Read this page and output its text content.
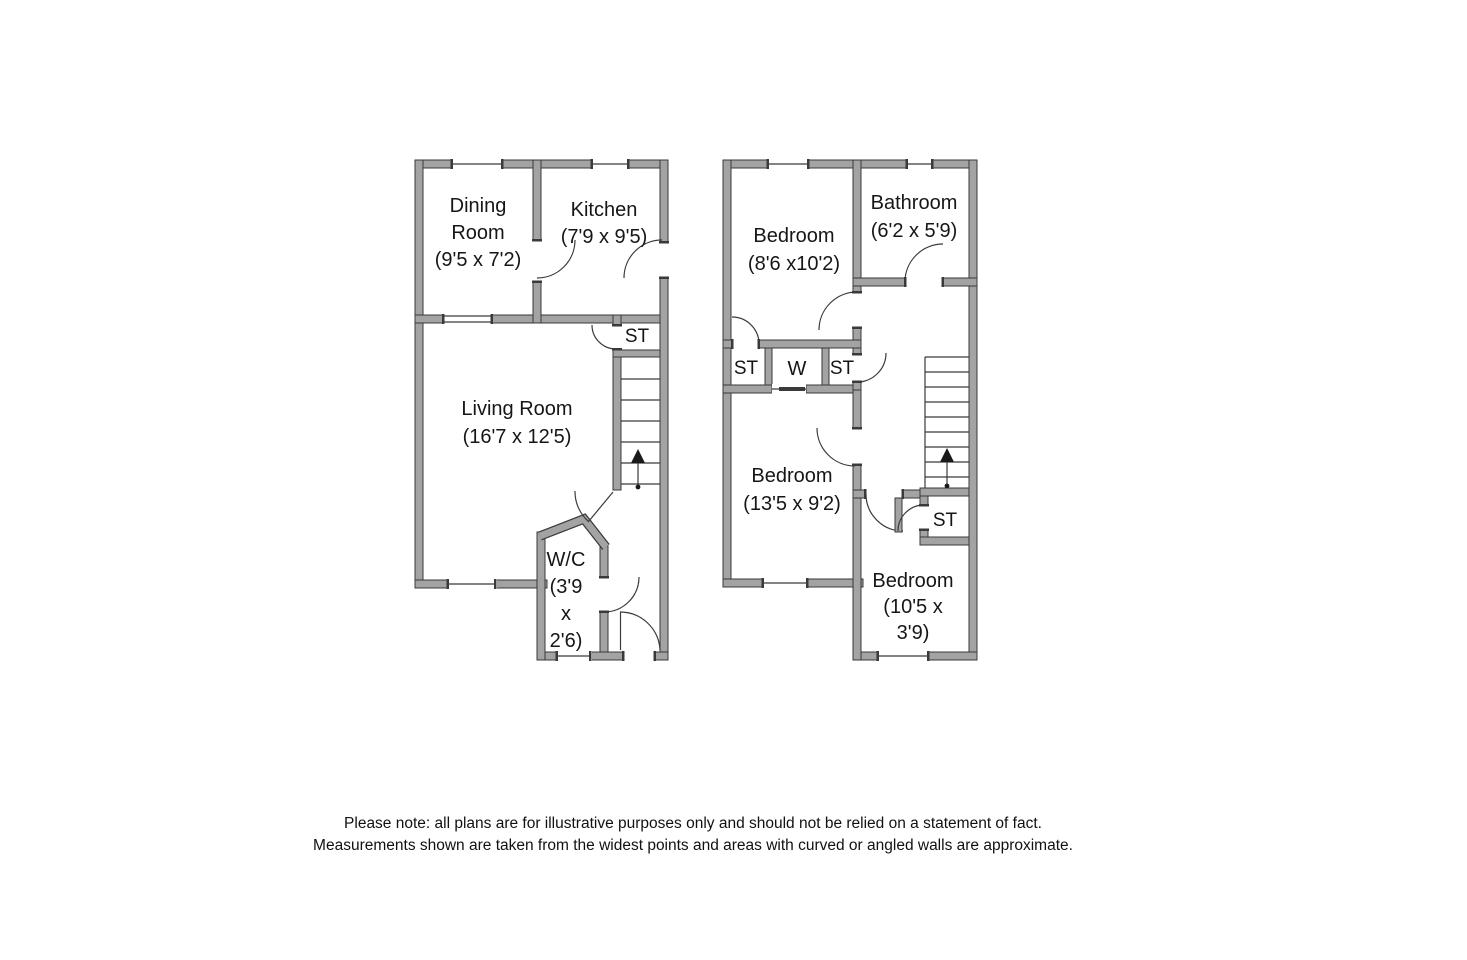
Dining
Room
(9'5 x 7'2)
Kitchen
(7'9 x 9'5)
ST
Living Room
(16'7 x 12'5)
W/C
(3'9
x
2'6)
Bedroom
(8'6 x10'2)
Bathroom
(6'2 x 5'9)
ST W ST
Bedroom
(13'5 x 9'2)
ST
Bedroom
(10'5 x
3'9)
Please note: all plans are for illustrative purposes only and should not be relied on a statement of fact.
Measurements shown are taken from the widest points and areas with curved or angled walls are approximate.
